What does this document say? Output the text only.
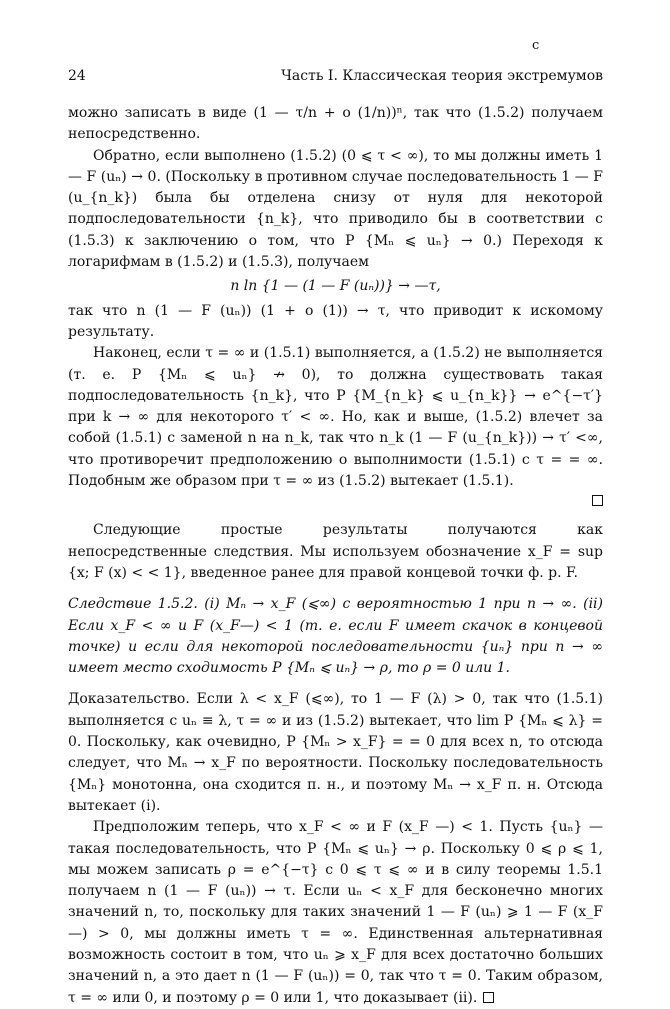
c
24	Часть I. Классическая теория экстремумов

можно записать в виде (1 — τ/n + o (1/n))ⁿ, так что (1.5.2) получаем непосредственно.

Обратно, если выполнено (1.5.2) (0 ⩽ τ < ∞), то мы должны иметь 1 — F (uₙ) → 0. (Поскольку в противном случае последовательность 1 — F (u_{n_k}) была бы отделена снизу от нуля для некоторой подпоследовательности {n_k}, что приводило бы в соответствии с (1.5.3) к заключению о том, что P {Mₙ ⩽ uₙ} → 0.) Переходя к логарифмам в (1.5.2) и (1.5.3), получаем

n ln {1 — (1 — F (uₙ))} → —τ,

так что n (1 — F (uₙ)) (1 + o (1)) → τ, что приводит к искомому результату.

Наконец, если τ = ∞ и (1.5.1) выполняется, а (1.5.2) не выполняется (т. е. P {Mₙ ⩽ uₙ} ↛ 0), то должна существовать такая подпоследовательность {n_k}, что P {M_{n_k} ⩽ u_{n_k}} → e^{−τ′} при k → ∞ для некоторого τ′ < ∞. Но, как и выше, (1.5.2) влечет за собой (1.5.1) с заменой n на n_k, так что n_k (1 — F (u_{n_k})) → τ′ <∞, что противоречит предположению о выполнимости (1.5.1) с τ = = ∞. Подобным же образом при τ = ∞ из (1.5.2) вытекает (1.5.1).

Следующие простые результаты получаются как непосредственные следствия. Мы используем обозначение x_F = sup {x; F (x) < < 1}, введенное ранее для правой концевой точки ф. р. F.

Следствие 1.5.2. (i) Mₙ → x_F (⩽∞) с вероятностью 1 при n → ∞. (ii) Если x_F < ∞ и F (x_F—) < 1 (т. е. если F имеет скачок в концевой точке) и если для некоторой последовательности {uₙ} при n → ∞ имеет место сходимость P {Mₙ ⩽ uₙ} → ρ, то ρ = 0 или 1.

Доказательство. Если λ < x_F (⩽∞), то 1 — F (λ) > 0, так что (1.5.1) выполняется с uₙ ≡ λ, τ = ∞ и из (1.5.2) вытекает, что lim P {Mₙ ⩽ λ} = 0. Поскольку, как очевидно, P {Mₙ > x_F} = = 0 для всех n, то отсюда следует, что Mₙ → x_F по вероятности. Поскольку последовательность {Mₙ} монотонна, она сходится п. н., и поэтому Mₙ → x_F п. н. Отсюда вытекает (i).

Предположим теперь, что x_F < ∞ и F (x_F —) < 1. Пусть {uₙ} — такая последовательность, что P {Mₙ ⩽ uₙ} → ρ. Поскольку 0 ⩽ ρ ⩽ 1, мы можем записать ρ = e^{−τ} с 0 ⩽ τ ⩽ ∞ и в силу теоремы 1.5.1 получаем n (1 — F (uₙ)) → τ. Если uₙ < x_F для бесконечно многих значений n, то, поскольку для таких значений 1 — F (uₙ) ⩾ 1 — F (x_F—) > 0, мы должны иметь τ = ∞. Единственная альтернативная возможность состоит в том, что uₙ ⩾ x_F для всех достаточно больших значений n, а это дает n (1 — F (uₙ)) = 0, так что τ = 0. Таким образом, τ = ∞ или 0, и поэтому ρ = 0 или 1, что доказывает (ii).
